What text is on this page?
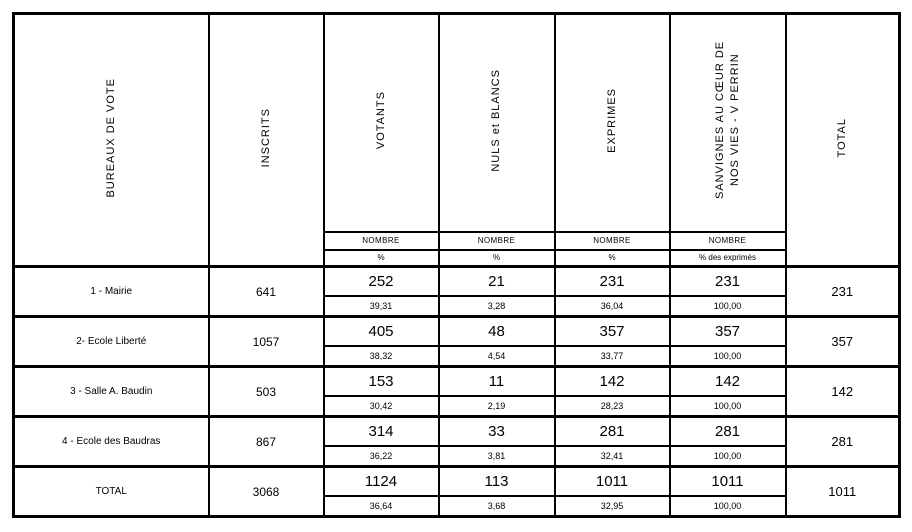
BUREAUX DE VOTE	INSCRITS	VOTANTS	NULS et BLANCS	EXPRIMES	SANVIGNES AU CŒUR DE NOS VIES - V PERRIN	TOTAL
		NOMBRE	NOMBRE	NOMBRE	NOMBRE	
		%	%	%	% des exprimés	
1 - Mairie	641	252	21	231	231	231
		39,31	3,28	36,04	100,00	
2- Ecole Liberté	1057	405	48	357	357	357
		38,32	4,54	33,77	100,00	
3 - Salle A. Baudin	503	153	11	142	142	142
		30,42	2,19	28,23	100,00	
4 - Ecole des Baudras	867	314	33	281	281	281
		36,22	3,81	32,41	100,00	
TOTAL	3068	1124	113	1011	1011	1011
		36,64	3,68	32,95	100,00	
